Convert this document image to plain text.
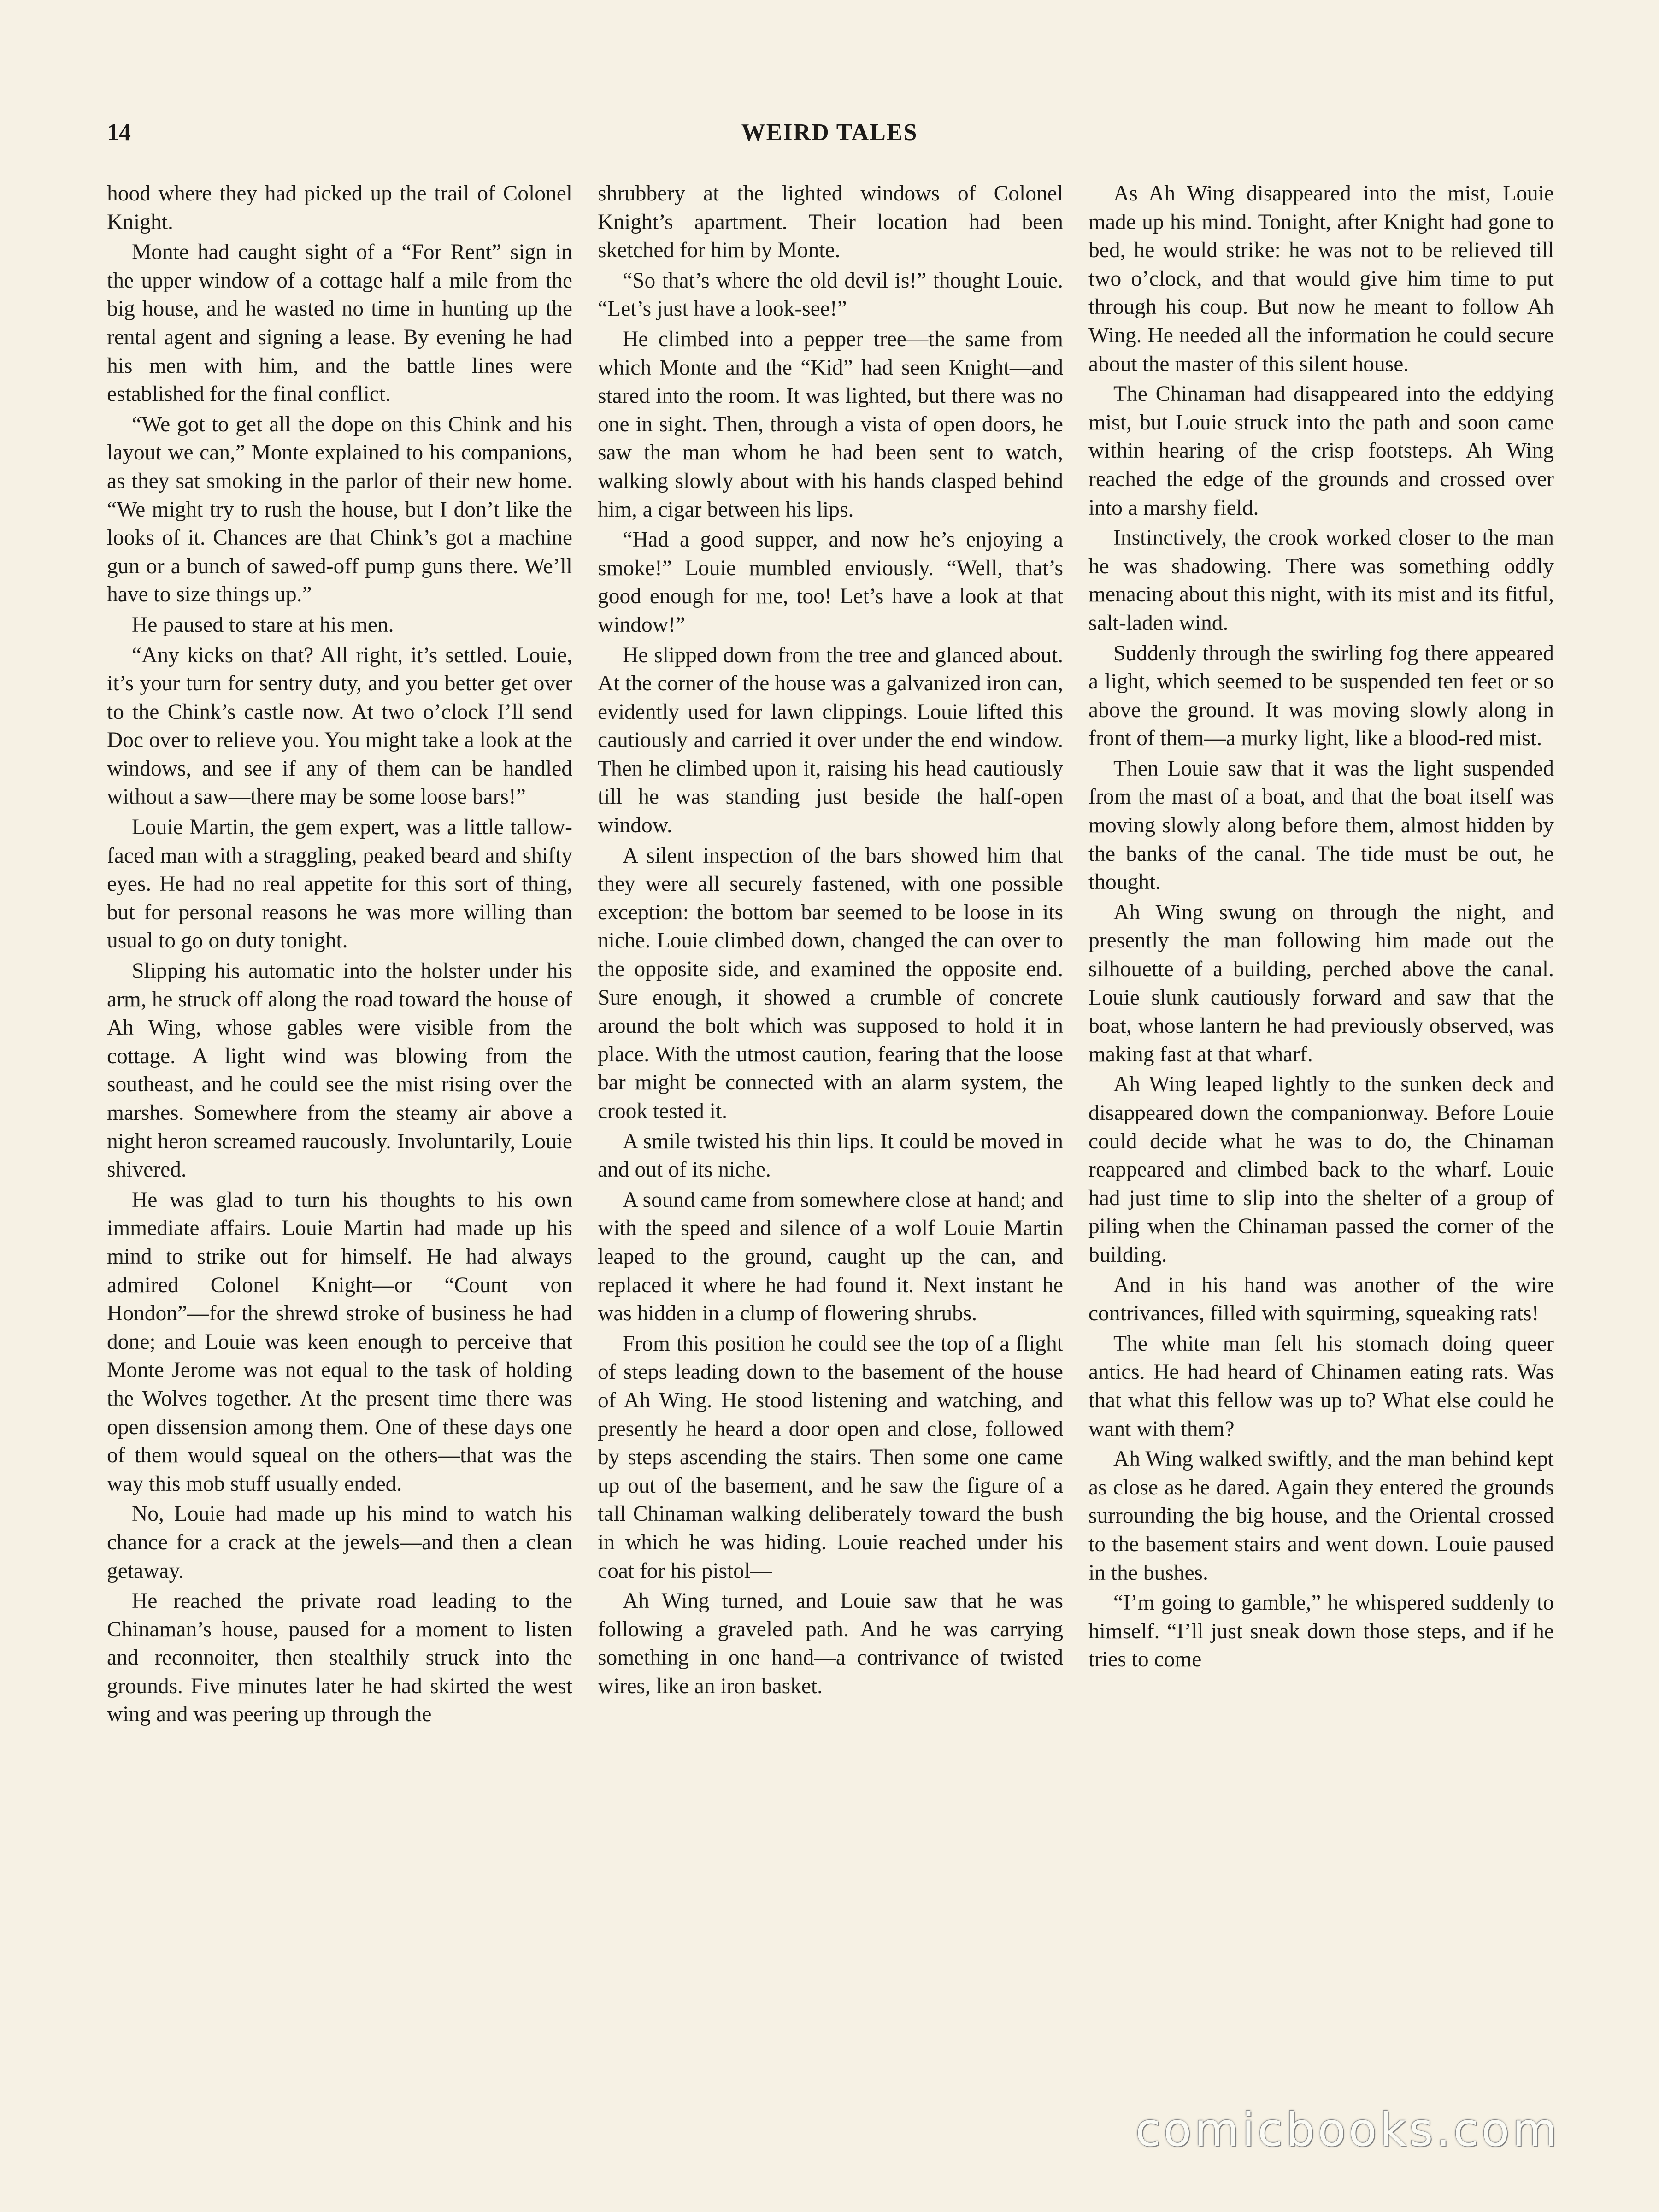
14	WEIRD TALES

hood where they had picked up the trail of Colonel Knight.

Monte had caught sight of a “For Rent” sign in the upper window of a cottage half a mile from the big house, and he wasted no time in hunting up the rental agent and signing a lease. By evening he had his men with him, and the battle lines were established for the final conflict.

“We got to get all the dope on this Chink and his layout we can,” Monte explained to his companions, as they sat smoking in the parlor of their new home. “We might try to rush the house, but I don’t like the looks of it. Chances are that Chink’s got a machine gun or a bunch of sawed-off pump guns there. We’ll have to size things up.”

He paused to stare at his men.

“Any kicks on that? All right, it’s settled. Louie, it’s your turn for sentry duty, and you better get over to the Chink’s castle now. At two o’clock I’ll send Doc over to relieve you. You might take a look at the windows, and see if any of them can be handled without a saw—there may be some loose bars!”

Louie Martin, the gem expert, was a little tallow-faced man with a straggling, peaked beard and shifty eyes. He had no real appetite for this sort of thing, but for personal reasons he was more willing than usual to go on duty tonight.

Slipping his automatic into the holster under his arm, he struck off along the road toward the house of Ah Wing, whose gables were visible from the cottage. A light wind was blowing from the southeast, and he could see the mist rising over the marshes. Somewhere from the steamy air above a night heron screamed raucously. Involuntarily, Louie shivered.

He was glad to turn his thoughts to his own immediate affairs. Louie Martin had made up his mind to strike out for himself. He had always admired Colonel Knight—or “Count von Hondon”—for the shrewd stroke of business he had done; and Louie was keen enough to perceive that Monte Jerome was not equal to the task of holding the Wolves together. At the present time there was open dissension among them. One of these days one of them would squeal on the others—that was the way this mob stuff usually ended.

No, Louie had made up his mind to watch his chance for a crack at the jewels—and then a clean getaway.

He reached the private road leading to the Chinaman’s house, paused for a moment to listen and reconnoiter, then stealthily struck into the grounds. Five minutes later he had skirted the west wing and was peering up through the

shrubbery at the lighted windows of Colonel Knight’s apartment. Their location had been sketched for him by Monte.

“So that’s where the old devil is!” thought Louie. “Let’s just have a look-see!”

He climbed into a pepper tree—the same from which Monte and the “Kid” had seen Knight—and stared into the room. It was lighted, but there was no one in sight. Then, through a vista of open doors, he saw the man whom he had been sent to watch, walking slowly about with his hands clasped behind him, a cigar between his lips.

“Had a good supper, and now he’s enjoying a smoke!” Louie mumbled enviously. “Well, that’s good enough for me, too! Let’s have a look at that window!”

He slipped down from the tree and glanced about. At the corner of the house was a galvanized iron can, evidently used for lawn clippings. Louie lifted this cautiously and carried it over under the end window. Then he climbed upon it, raising his head cautiously till he was standing just beside the half-open window.

A silent inspection of the bars showed him that they were all securely fastened, with one possible exception: the bottom bar seemed to be loose in its niche. Louie climbed down, changed the can over to the opposite side, and examined the opposite end. Sure enough, it showed a crumble of concrete around the bolt which was supposed to hold it in place. With the utmost caution, fearing that the loose bar might be connected with an alarm system, the crook tested it.

A smile twisted his thin lips. It could be moved in and out of its niche.

A sound came from somewhere close at hand; and with the speed and silence of a wolf Louie Martin leaped to the ground, caught up the can, and replaced it where he had found it. Next instant he was hidden in a clump of flowering shrubs.

From this position he could see the top of a flight of steps leading down to the basement of the house of Ah Wing. He stood listening and watching, and presently he heard a door open and close, followed by steps ascending the stairs. Then some one came up out of the basement, and he saw the figure of a tall Chinaman walking deliberately toward the bush in which he was hiding. Louie reached under his coat for his pistol—

Ah Wing turned, and Louie saw that he was following a graveled path. And he was carrying something in one hand—a contrivance of twisted wires, like an iron basket.

As Ah Wing disappeared into the mist, Louie made up his mind. Tonight, after Knight had gone to bed, he would strike: he was not to be relieved till two o’clock, and that would give him time to put through his coup. But now he meant to follow Ah Wing. He needed all the information he could secure about the master of this silent house.

The Chinaman had disappeared into the eddying mist, but Louie struck into the path and soon came within hearing of the crisp footsteps. Ah Wing reached the edge of the grounds and crossed over into a marshy field.

Instinctively, the crook worked closer to the man he was shadowing. There was something oddly menacing about this night, with its mist and its fitful, salt-laden wind.

Suddenly through the swirling fog there appeared a light, which seemed to be suspended ten feet or so above the ground. It was moving slowly along in front of them—a murky light, like a blood-red mist.

Then Louie saw that it was the light suspended from the mast of a boat, and that the boat itself was moving slowly along before them, almost hidden by the banks of the canal. The tide must be out, he thought.

Ah Wing swung on through the night, and presently the man following him made out the silhouette of a building, perched above the canal. Louie slunk cautiously forward and saw that the boat, whose lantern he had previously observed, was making fast at that wharf.

Ah Wing leaped lightly to the sunken deck and disappeared down the companionway. Before Louie could decide what he was to do, the Chinaman reappeared and climbed back to the wharf. Louie had just time to slip into the shelter of a group of piling when the Chinaman passed the corner of the building.

And in his hand was another of the wire contrivances, filled with squirming, squeaking rats!

The white man felt his stomach doing queer antics. He had heard of Chinamen eating rats. Was that what this fellow was up to? What else could he want with them?

Ah Wing walked swiftly, and the man behind kept as close as he dared. Again they entered the grounds surrounding the big house, and the Oriental crossed to the basement stairs and went down. Louie paused in the bushes.

“I’m going to gamble,” he whispered suddenly to himself. “I’ll just sneak down those steps, and if he tries to come

comicbooks.com
